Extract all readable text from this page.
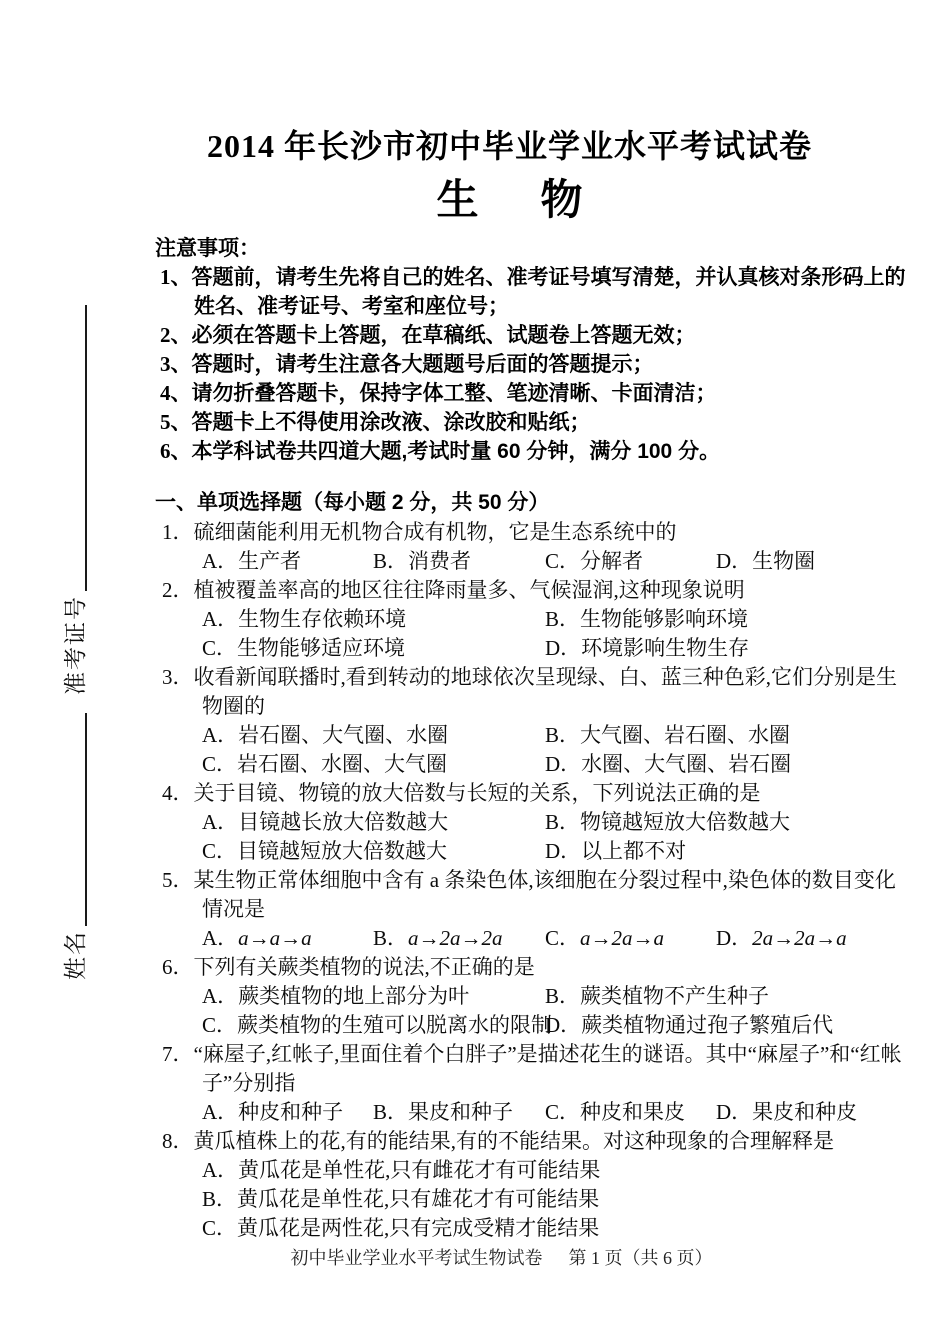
准考证号
姓名
2014 年长沙市初中毕业学业水平考试试卷
生物
注意事项：
1、答题前，请考生先将自己的姓名、准考证号填写清楚，并认真核对条形码上的姓名、准考证号、考室和座位号；
2、必须在答题卡上答题，在草稿纸、试题卷上答题无效；
3、答题时，请考生注意各大题题号后面的答题提示；
4、请勿折叠答题卡，保持字体工整、笔迹清晰、卡面清洁；
5、答题卡上不得使用涂改液、涂改胶和贴纸；
6、本学科试卷共四道大题,考试时量 60 分钟，满分 100 分。
一、单项选择题（每小题 2 分，共 50 分）
1．硫细菌能利用无机物合成有机物，它是生态系统中的
A．生产者	B．消费者	C．分解者	D．生物圈
2．植被覆盖率高的地区往往降雨量多、气候湿润,这种现象说明
A．生物生存依赖环境	B．生物能够影响环境
C．生物能够适应环境	D．环境影响生物生存
3．收看新闻联播时,看到转动的地球依次呈现绿、白、蓝三种色彩,它们分别是生物圈的
A．岩石圈、大气圈、水圈	B．大气圈、岩石圈、水圈
C．岩石圈、水圈、大气圈	D．水圈、大气圈、岩石圈
4．关于目镜、物镜的放大倍数与长短的关系，下列说法正确的是
A．目镜越长放大倍数越大	B．物镜越短放大倍数越大
C．目镜越短放大倍数越大	D．以上都不对
5．某生物正常体细胞中含有 a 条染色体,该细胞在分裂过程中,染色体的数目变化情况是
A．a→a→a	B．a→2a→2a	C．a→2a→a	D．2a→2a→a
6．下列有关蕨类植物的说法,不正确的是
A．蕨类植物的地上部分为叶	B．蕨类植物不产生种子
C．蕨类植物的生殖可以脱离水的限制
D．蕨类植物通过孢子繁殖后代
7．“麻屋子,红帐子,里面住着个白胖子”是描述花生的谜语。其中“麻屋子”和“红帐子”分别指
A．种皮和种子	B．果皮和种子	C．种皮和果皮	D．果皮和种皮
8．黄瓜植株上的花,有的能结果,有的不能结果。对这种现象的合理解释是
A．黄瓜花是单性花,只有雌花才有可能结果
B．黄瓜花是单性花,只有雄花才有可能结果
C．黄瓜花是两性花,只有完成受精才能结果
初中毕业学业水平考试生物试卷 第 1 页（共 6 页）
